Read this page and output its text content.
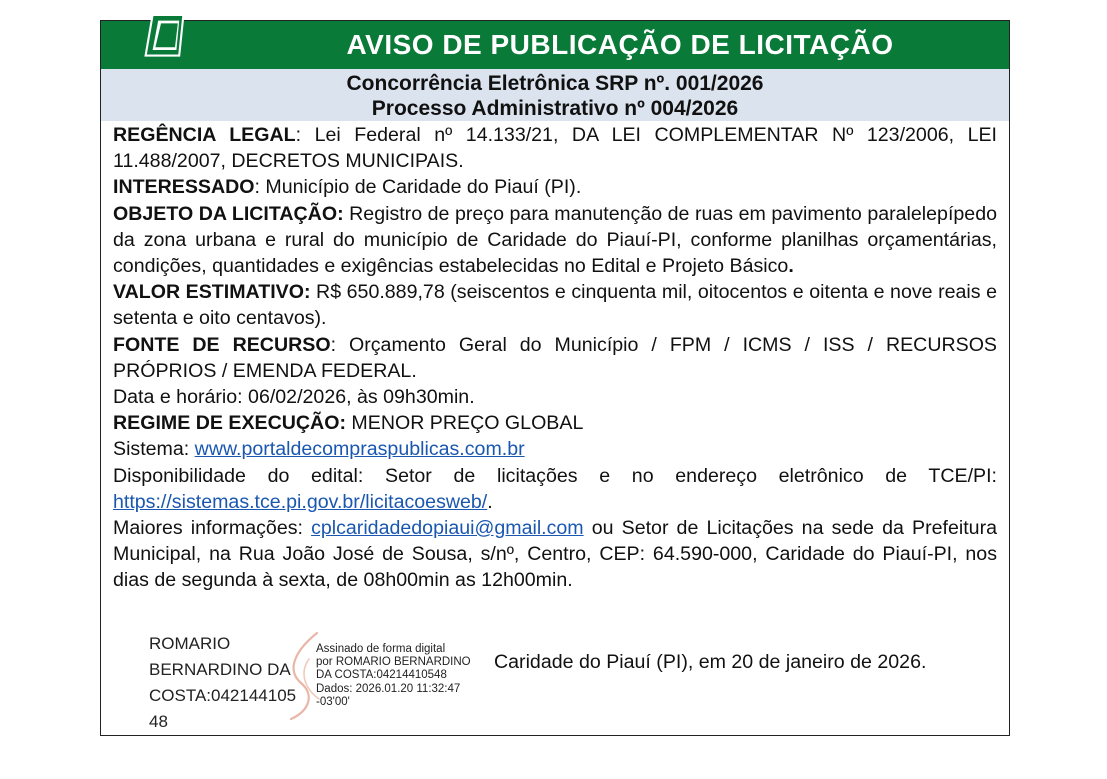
AVISO DE PUBLICAÇÃO DE LICITAÇÃO
Concorrência Eletrônica SRP nº. 001/2026
Processo Administrativo nº 004/2026

REGÊNCIA LEGAL: Lei Federal nº 14.133/21, DA LEI COMPLEMENTAR Nº 123/2006, LEI 11.488/2007, DECRETOS MUNICIPAIS.

INTERESSADO: Município de Caridade do Piauí (PI).

OBJETO DA LICITAÇÃO: Registro de preço para manutenção de ruas em pavimento paralelepípedo da zona urbana e rural do município de Caridade do Piauí-PI, conforme planilhas orçamentárias, condições, quantidades e exigências estabelecidas no Edital e Projeto Básico.

VALOR ESTIMATIVO: R$ 650.889,78 (seiscentos e cinquenta mil, oitocentos e oitenta e nove reais e setenta e oito centavos).

FONTE DE RECURSO: Orçamento Geral do Município / FPM / ICMS / ISS / RECURSOS PRÓPRIOS / EMENDA FEDERAL.

Data e horário: 06/02/2026, às 09h30min.

REGIME DE EXECUÇÃO: MENOR PREÇO GLOBAL

Sistema: www.portaldecompraspublicas.com.br

Disponibilidade do edital: Setor de licitações e no endereço eletrônico de TCE/PI: https://sistemas.tce.pi.gov.br/licitacoesweb/.

Maiores informações: cplcaridadedopiaui@gmail.com ou Setor de Licitações na sede da Prefeitura Municipal, na Rua João José de Sousa, s/nº, Centro, CEP: 64.590-000, Caridade do Piauí-PI, nos dias de segunda à sexta, de 08h00min as 12h00min.

ROMARIO
BERNARDINO DA
COSTA:042144105
48
Assinado de forma digital
por ROMARIO BERNARDINO
DA COSTA:04214410548
Dados: 2026.01.20 11:32:47
-03'00'
Caridade do Piauí (PI), em 20 de janeiro de 2026.
